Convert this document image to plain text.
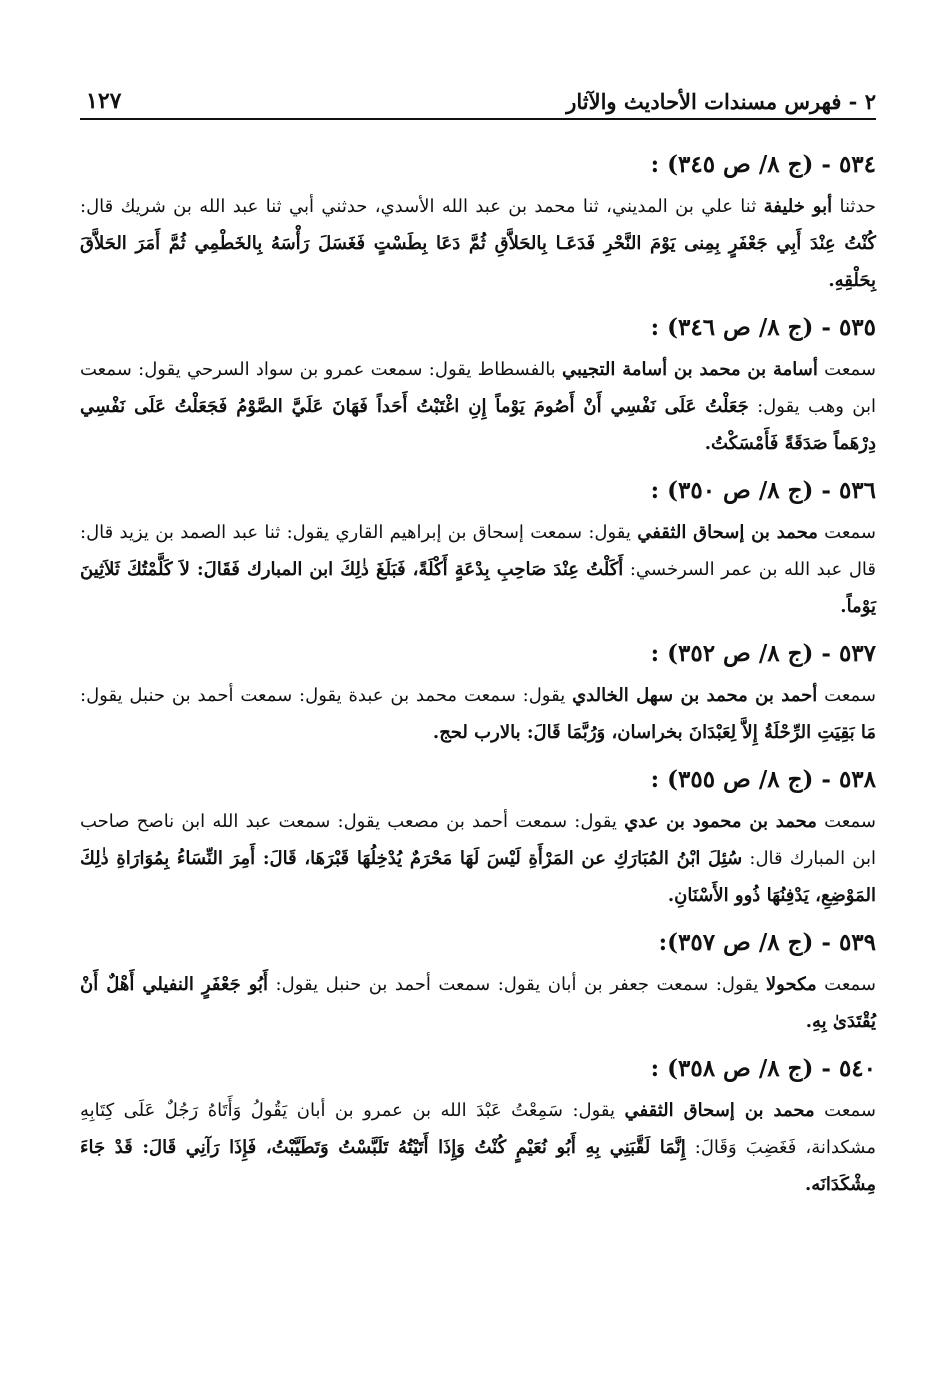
٢ - فهرس مسندات الأحاديث والآثار
١٢٧
٥٣٤ - (ج ٨/ ص ٣٤٥) :
حدثنا أبو خليفة ثنا علي بن المديني، ثنا محمد بن عبد الله الأسدي، حدثني أبي ثنا عبد الله بن شريك قال: كُنْتُ عِنْدَ أَبِي جَعْفَرٍ بِمِنى يَوْمَ النَّحْرِ فَدَعَـا بِالحَلاَّقِ ثُمَّ دَعَا بِطَسْتٍ فَغَسَلَ رَأْسَهُ بِالخَطْمِي ثُمَّ أَمَرَ الحَلاَّقَ بِحَلْقِهِ.
٥٣٥ - (ج ٨/ ص ٣٤٦) :
سمعت أسامة بن محمد بن أسامة التجيبي بالفسطاط يقول: سمعت عمرو بن سواد السرحي يقول: سمعت ابن وهب يقول: جَعَلْتُ عَلَى نَفْسِي أَنْ أَصُومَ يَوْماً إِنِ اغْتَبْتُ أَحَداً فَهَانَ عَلَيَّ الصَّوْمُ فَجَعَلْتُ عَلَى نَفْسِي دِرْهَماً صَدَقَةً فَأَمْسَكْتُ.
٥٣٦ - (ج ٨/ ص ٣٥٠) :
سمعت محمد بن إسحاق الثقفي يقول: سمعت إسحاق بن إبراهيم القاري يقول: ثنا عبد الصمد بن يزيد قال: قال عبد الله بن عمر السرخسي: أَكَلْتُ عِنْدَ صَاحِبِ بِدْعَةٍ أَكْلَةً، فَبَلَغَ ذٰلِكَ ابن المبارك فَقَالَ: لاَ كَلَّمْتُكَ ثَلاَثِينَ يَوْماً.
٥٣٧ - (ج ٨/ ص ٣٥٢) :
سمعت أحمد بن محمد بن سهل الخالدي يقول: سمعت محمد بن عبدة يقول: سمعت أحمد بن حنبل يقول: مَا بَقِيَتِ الرِّحْلَةُ إِلاَّ لِعَبْدَانَ بخراسان، وَرُبَّمَا قَالَ: بالارب لحج.
٥٣٨ - (ج ٨/ ص ٣٥٥) :
سمعت محمد بن محمود بن عدي يقول: سمعت أحمد بن مصعب يقول: سمعت عبد الله ابن ناصح صاحب ابن المبارك قال: سُئِلَ ابْنُ المُبَارَكِ عن المَرْأَةِ لَيْسَ لَهَا مَحْرَمٌ يُدْخِلُهَا قَبْرَهَا، قَالَ: أَمِرَ النِّسَاءُ بِمُوَارَاةِ ذٰلِكَ المَوْضِعِ، يَدْفِنُهَا ذُوو الأَسْنَانِ.
٥٣٩ - (ج ٨/ ص ٣٥٧):
سمعت مكحولا يقول: سمعت جعفر بن أبان يقول: سمعت أحمد بن حنبل يقول: أَبُو جَعْفَرٍ النفيلي أَهْلٌ أَنْ يُقْتَدَىٰ بِهِ.
٥٤٠ - (ج ٨/ ص ٣٥٨) :
سمعت محمد بن إسحاق الثقفي يقول: سَمِعْتُ عَبْدَ الله بن عمرو بن أبان يَقُولُ وَأَتَاهُ رَجُلٌ عَلَى كِتَابِهِ مشكدانة، فَغَضِبَ وَقَالَ: إِنَّمَا لَقَّبَنِي بِهِ أَبُو نُعَيْمٍ كُنْتُ وَإِذَا أَتَيْتُهُ تَلَبَّسْتُ وَتَطَيَّبْتُ، فَإِذَا رَآنِي قَالَ: قَدْ جَاءَ مِشْكَدَانَه.
